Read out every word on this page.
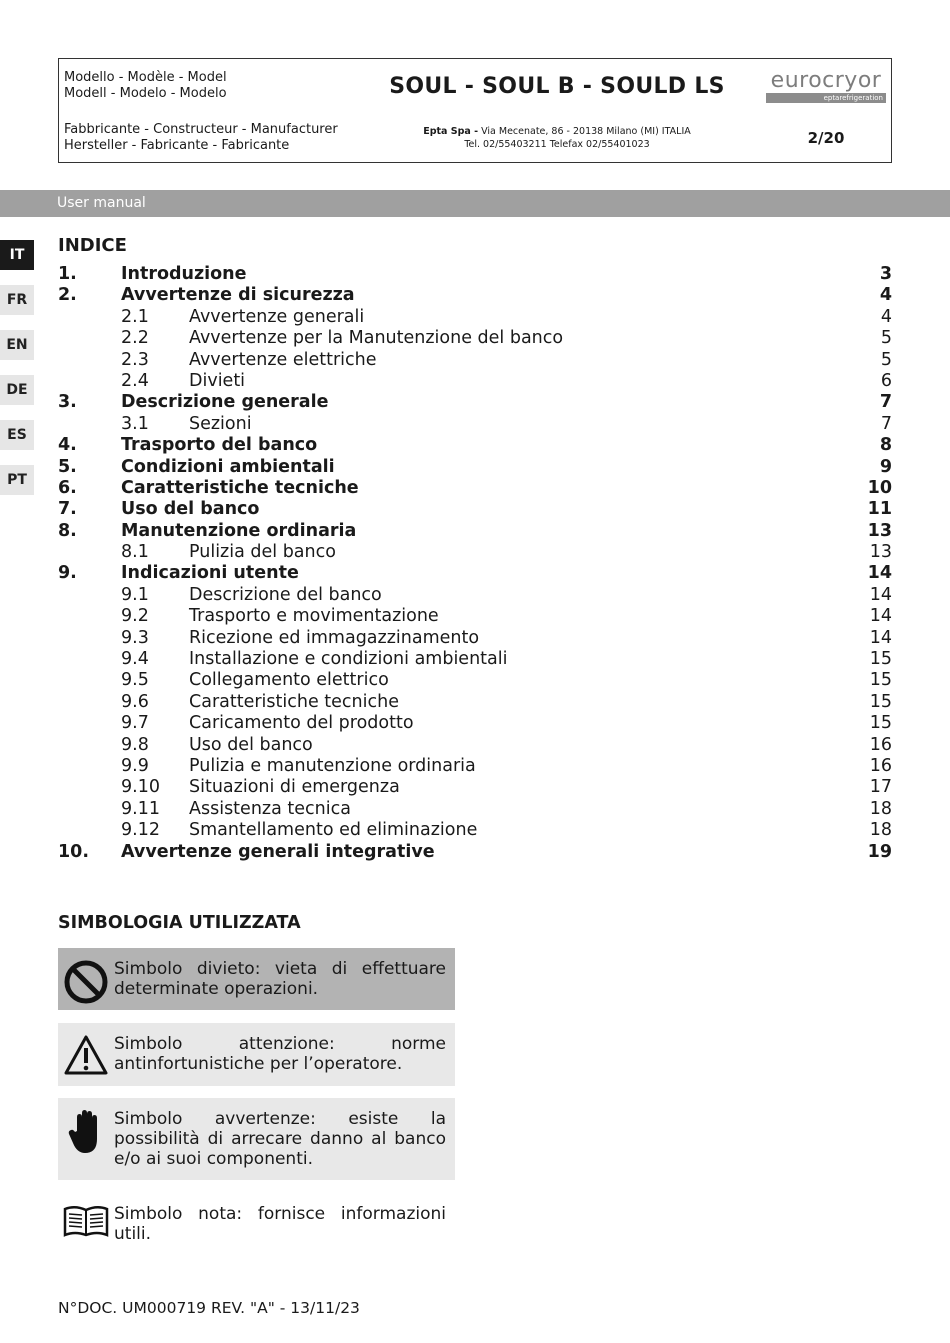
Modello - Modèle - Model
Modell - Modelo - Modelo	SOUL - SOUL B - SOULD LS	eurocryor
eptarefrigeration
Fabbricante - Constructeur - Manufacturer
Hersteller - Fabricante - Fabricante
Epta Spa - Via Mecenate, 86 - 20138 Milano (MI) ITALIA
Tel. 02/55403211 Telefax 02/55401023	2/20
User manual
IT
FR
EN
DE
ES
PT
INDICE
1.	Introduzione	3
2.	Avvertenze di sicurezza	4
2.1 Avvertenze generali	4
2.2 Avvertenze per la Manutenzione del banco	5
2.3 Avvertenze elettriche	5
2.4 Divieti	6
3.	Descrizione generale	7
3.1 Sezioni	7
4.	Trasporto del banco	8
5.	Condizioni ambientali	9
6.	Caratteristiche tecniche	10
7.	Uso del banco	11
8.	Manutenzione ordinaria	13
8.1 Pulizia del banco	13
9.	Indicazioni utente	14
9.1 Descrizione del banco	14
9.2 Trasporto e movimentazione	14
9.3 Ricezione ed immagazzinamento	14
9.4 Installazione e condizioni ambientali	15
9.5 Collegamento elettrico	15
9.6 Caratteristiche tecniche	15
9.7 Caricamento del prodotto	15
9.8 Uso del banco	16
9.9 Pulizia e manutenzione ordinaria	16
9.10 Situazioni di emergenza	17
9.11 Assistenza tecnica	18
9.12 Smantellamento ed eliminazione	18
10. Avvertenze generali integrative	19
SIMBOLOGIA UTILIZZATA
Simbolo divieto: vieta di effettuare determinate operazioni.
Simbolo attenzione: norme antinfortunistiche per l’operatore.
Simbolo avvertenze: esiste la possibilità di arrecare danno al banco e/o ai suoi componenti.
Simbolo nota: fornisce informazioni utili.
N°DOC. UM000719 REV. "A" - 13/11/23
